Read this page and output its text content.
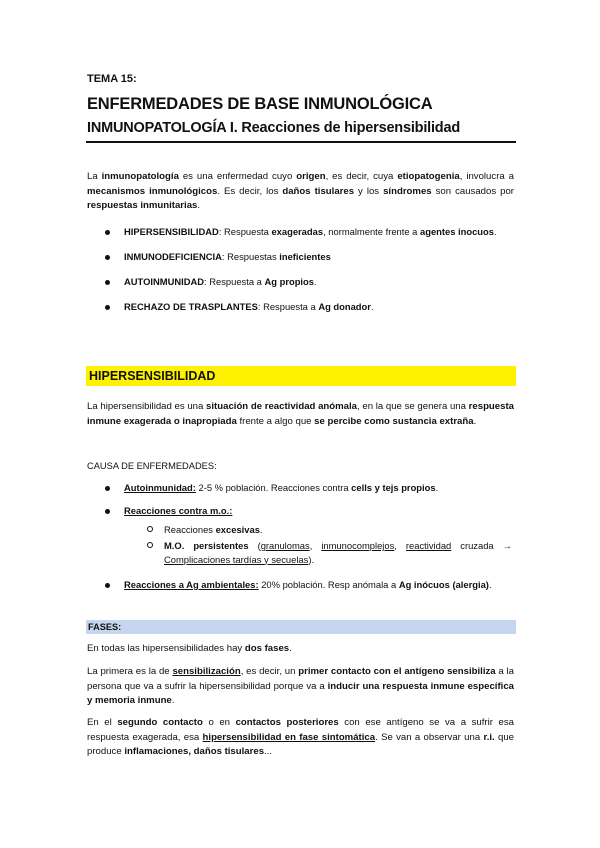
TEMA 15:
ENFERMEDADES DE BASE INMUNOLÓGICA
INMUNOPATOLOGÍA I. Reacciones de hipersensibilidad
La inmunopatología es una enfermedad cuyo origen, es decir, cuya etiopatogenia, involucra a mecanismos inmunológicos. Es decir, los daños tisulares y los síndromes son causados por respuestas inmunitarias.
HIPERSENSIBILIDAD: Respuesta exageradas, normalmente frente a agentes inocuos.
INMUNODEFICIENCIA: Respuestas ineficientes
AUTOINMUNIDAD: Respuesta a Ag propios.
RECHAZO DE TRASPLANTES: Respuesta a Ag donador.
HIPERSENSIBILIDAD
La hipersensibilidad es una situación de reactividad anómala, en la que se genera una respuesta inmune exagerada o inapropiada frente a algo que se percibe como sustancia extraña.
CAUSA DE ENFERMEDADES:
Autoinmunidad: 2-5 % población. Reacciones contra cells y tejs propios.
Reacciones contra m.o.:
Reacciones excesivas.
M.O. persistentes (granulomas, inmunocomplejos, reactividad cruzada → Complicaciones tardías y secuelas).
Reacciones a Ag ambientales: 20% población. Resp anómala a Ag inócuos (alergia).
FASES:
En todas las hipersensibilidades hay dos fases.
La primera es la de sensibilización, es decir, un primer contacto con el antígeno sensibiliza a la persona que va a sufrir la hipersensibilidad porque va a inducir una respuesta inmune específica y memoria inmune.
En el segundo contacto o en contactos posteriores con ese antígeno se va a sufrir esa respuesta exagerada, esa hipersensibilidad en fase sintomática. Se van a observar una r.i. que produce inflamaciones, daños tisulares...
